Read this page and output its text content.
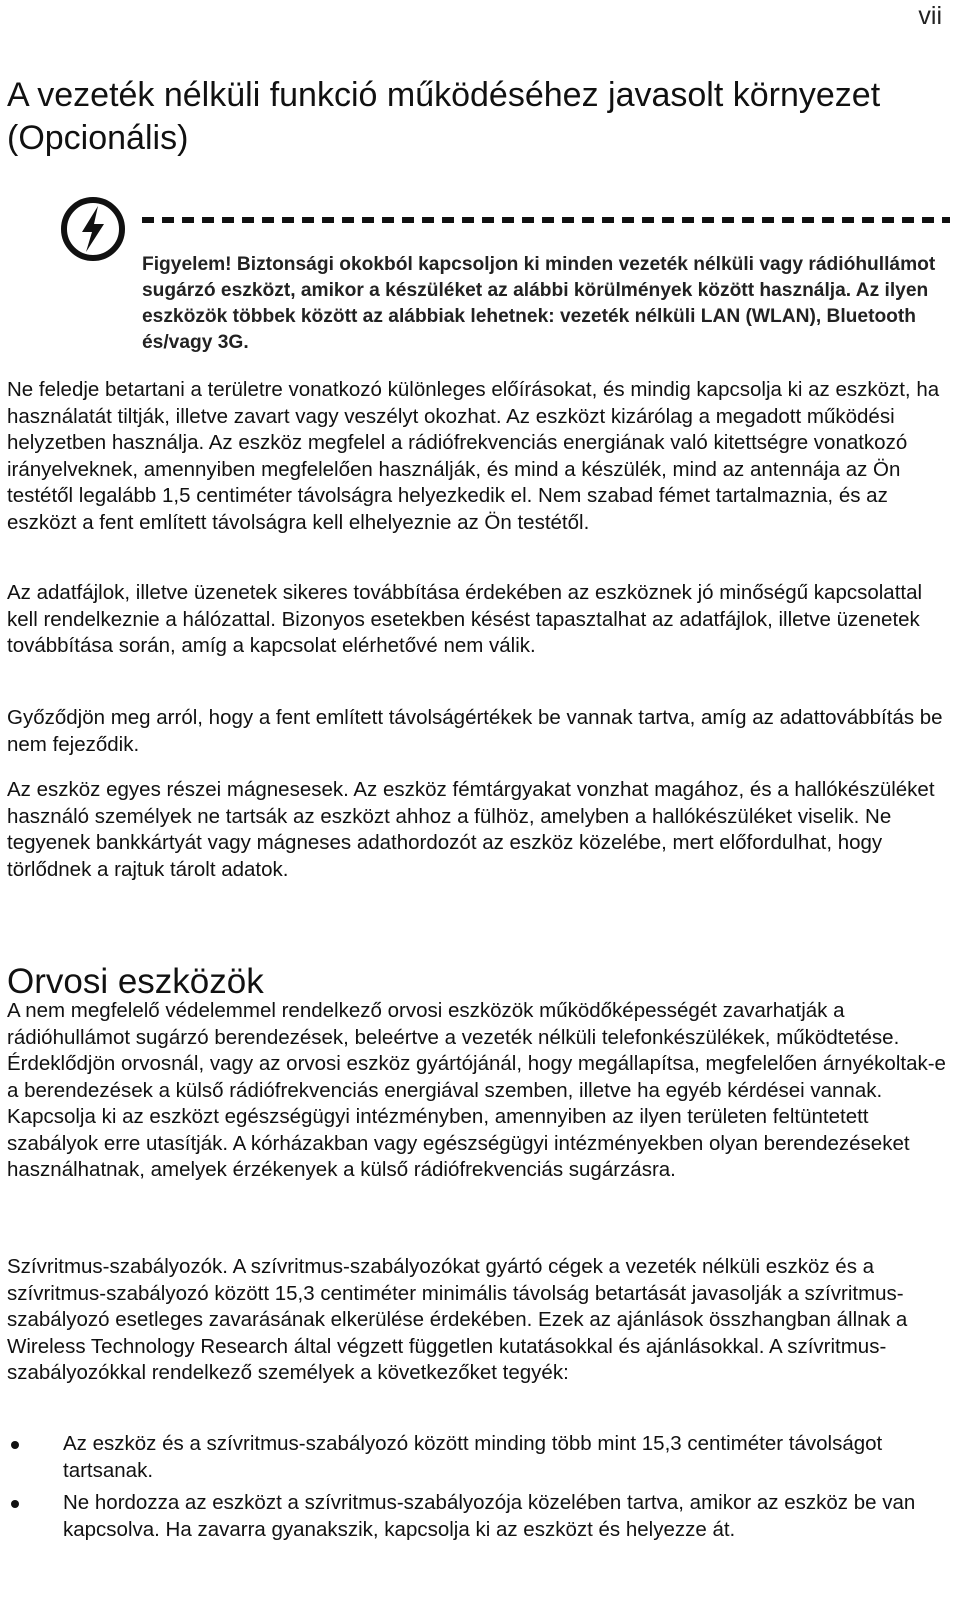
vii
A vezeték nélküli funkció működéséhez javasolt környezet (Opcionális)

Figyelem! Biztonsági okokból kapcsoljon ki minden vezeték nélküli vagy rádióhullámot sugárzó eszközt, amikor a készüléket az alábbi körülmények között használja. Az ilyen eszközök többek között az alábbiak lehetnek: vezeték nélküli LAN (WLAN), Bluetooth és/vagy 3G.

Ne feledje betartani a területre vonatkozó különleges előírásokat, és mindig kapcsolja ki az eszközt, ha használatát tiltják, illetve zavart vagy veszélyt okozhat. Az eszközt kizárólag a megadott működési helyzetben használja. Az eszköz megfelel a rádiófrekvenciás energiának való kitettségre vonatkozó irányelveknek, amennyiben megfelelően használják, és mind a készülék, mind az antennája az Ön testétől legalább 1,5 centiméter távolságra helyezkedik el. Nem szabad fémet tartalmaznia, és az eszközt a fent említett távolságra kell elhelyeznie az Ön testétől.

Az adatfájlok, illetve üzenetek sikeres továbbítása érdekében az eszköznek jó minőségű kapcsolattal kell rendelkeznie a hálózattal. Bizonyos esetekben késést tapasztalhat az adatfájlok, illetve üzenetek továbbítása során, amíg a kapcsolat elérhetővé nem válik.

Győződjön meg arról, hogy a fent említett távolságértékek be vannak tartva, amíg az adattovábbítás be nem fejeződik.

Az eszköz egyes részei mágnesesek. Az eszköz fémtárgyakat vonzhat magához, és a hallókészüléket használó személyek ne tartsák az eszközt ahhoz a fülhöz, amelyben a hallókészüléket viselik. Ne tegyenek bankkártyát vagy mágneses adathordozót az eszköz közelébe, mert előfordulhat, hogy törlődnek a rajtuk tárolt adatok.

Orvosi eszközök

A nem megfelelő védelemmel rendelkező orvosi eszközök működőképességét zavarhatják a rádióhullámot sugárzó berendezések, beleértve a vezeték nélküli telefonkészülékek, működtetése. Érdeklődjön orvosnál, vagy az orvosi eszköz gyártójánál, hogy megállapítsa, megfelelően árnyékoltak-e a berendezések a külső rádiófrekvenciás energiával szemben, illetve ha egyéb kérdései vannak. Kapcsolja ki az eszközt egészségügyi intézményben, amennyiben az ilyen területen feltüntetett szabályok erre utasítják. A kórházakban vagy egészségügyi intézményekben olyan berendezéseket használhatnak, amelyek érzékenyek a külső rádiófrekvenciás sugárzásra.

Szívritmus-szabályozók. A szívritmus-szabályozókat gyártó cégek a vezeték nélküli eszköz és a szívritmus-szabályozó között 15,3 centiméter minimális távolság betartását javasolják a szívritmus-szabályozó esetleges zavarásának elkerülése érdekében. Ezek az ajánlások összhangban állnak a Wireless Technology Research által végzett független kutatásokkal és ajánlásokkal. A szívritmus-szabályozókkal rendelkező személyek a következőket tegyék:

Az eszköz és a szívritmus-szabályozó között minding több mint 15,3 centiméter távolságot tartsanak.
Ne hordozza az eszközt a szívritmus-szabályozója közelében tartva, amikor az eszköz be van kapcsolva. Ha zavarra gyanakszik, kapcsolja ki az eszközt és helyezze át.
